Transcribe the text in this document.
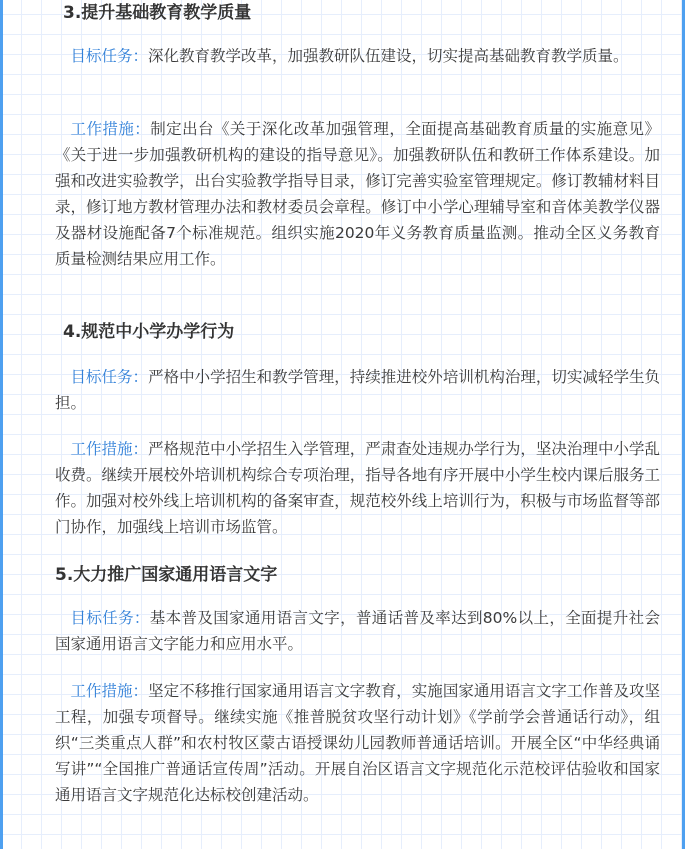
3.提升基础教育教学质量

目标任务：深化教育教学改革，加强教研队伍建设，切实提高基础教育教学质量。

工作措施：制定出台《关于深化改革加强管理，全面提高基础教育质量的实施意见》《关于进一步加强教研机构的建设的指导意见》。加强教研队伍和教研工作体系建设。加强和改进实验教学，出台实验教学指导目录，修订完善实验室管理规定。修订教辅材料目录，修订地方教材管理办法和教材委员会章程。修订中小学心理辅导室和音体美教学仪器及器材设施配备7个标准规范。组织实施2020年义务教育质量监测。推动全区义务教育质量检测结果应用工作。

4.规范中小学办学行为

目标任务：严格中小学招生和教学管理，持续推进校外培训机构治理，切实减轻学生负担。

工作措施：严格规范中小学招生入学管理，严肃查处违规办学行为，坚决治理中小学乱收费。继续开展校外培训机构综合专项治理，指导各地有序开展中小学生校内课后服务工作。加强对校外线上培训机构的备案审查，规范校外线上培训行为，积极与市场监督等部门协作，加强线上培训市场监管。

5.大力推广国家通用语言文字

目标任务：基本普及国家通用语言文字，普通话普及率达到80%以上，全面提升社会国家通用语言文字能力和应用水平。

工作措施：坚定不移推行国家通用语言文字教育，实施国家通用语言文字工作普及攻坚工程，加强专项督导。继续实施《推普脱贫攻坚行动计划》《学前学会普通话行动》，组织“三类重点人群”和农村牧区蒙古语授课幼儿园教师普通话培训。开展全区“中华经典诵写讲”“全国推广普通话宣传周”活动。开展自治区语言文字规范化示范校评估验收和国家通用语言文字规范化达标校创建活动。
